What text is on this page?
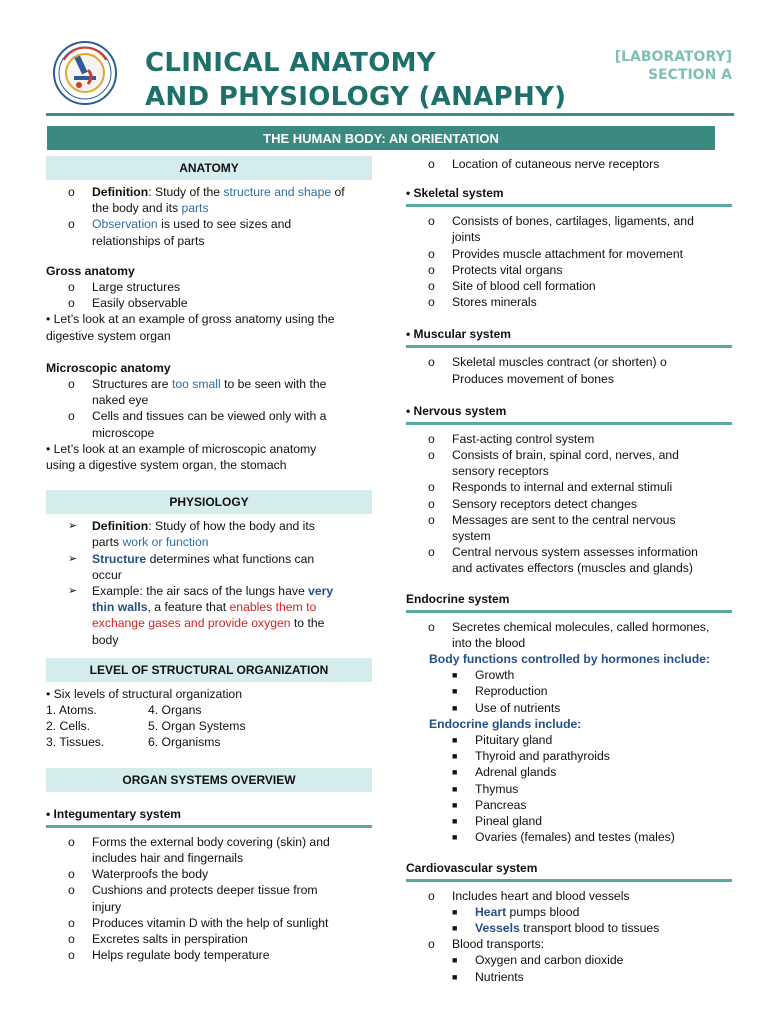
CLINICAL ANATOMY
AND PHYSIOLOGY (ANAPHY)
[LABORATORY]
SECTION A
THE HUMAN BODY: AN ORIENTATION
ANATOMY
o Definition: Study of the structure and shape of
the body and its parts
o Observation is used to see sizes and
relationships of parts
Gross anatomy
o Large structures
o Easily observable
• Let’s look at an example of gross anatomy using the
digestive system organ
Microscopic anatomy
o Structures are too small to be seen with the
naked eye
o Cells and tissues can be viewed only with a
microscope
• Let’s look at an example of microscopic anatomy
using a digestive system organ, the stomach
PHYSIOLOGY
➢ Definition: Study of how the body and its
parts work or function
➢ Structure determines what functions can
occur
➢ Example: the air sacs of the lungs have very
thin walls, a feature that enables them to
exchange gases and provide oxygen to the
body
LEVEL OF STRUCTURAL ORGANIZATION
• Six levels of structural organization
1. Atoms.	4. Organs
2. Cells.	5. Organ Systems
3. Tissues.	6. Organisms
ORGAN SYSTEMS OVERVIEW
• Integumentary system
o Forms the external body covering (skin) and
includes hair and fingernails
o Waterproofs the body
o Cushions and protects deeper tissue from
injury
o Produces vitamin D with the help of sunlight
o Excretes salts in perspiration
o Helps regulate body temperature
o Location of cutaneous nerve receptors
• Skeletal system
o Consists of bones, cartilages, ligaments, and
joints
o Provides muscle attachment for movement
o Protects vital organs
o Site of blood cell formation
o Stores minerals
• Muscular system
o Skeletal muscles contract (or shorten) o
Produces movement of bones
• Nervous system
o Fast-acting control system
o Consists of brain, spinal cord, nerves, and
sensory receptors
o Responds to internal and external stimuli
o Sensory receptors detect changes
o Messages are sent to the central nervous
system
o Central nervous system assesses information
and activates effectors (muscles and glands)
Endocrine system
o Secretes chemical molecules, called hormones,
into the blood
Body functions controlled by hormones include:
■ Growth
■ Reproduction
■ Use of nutrients
Endocrine glands include:
■ Pituitary gland
■ Thyroid and parathyroids
■ Adrenal glands
■ Thymus
■ Pancreas
■ Pineal gland
■ Ovaries (females) and testes (males)
Cardiovascular system
o Includes heart and blood vessels
■ Heart pumps blood
■ Vessels transport blood to tissues
o Blood transports:
■ Oxygen and carbon dioxide
■ Nutrients
